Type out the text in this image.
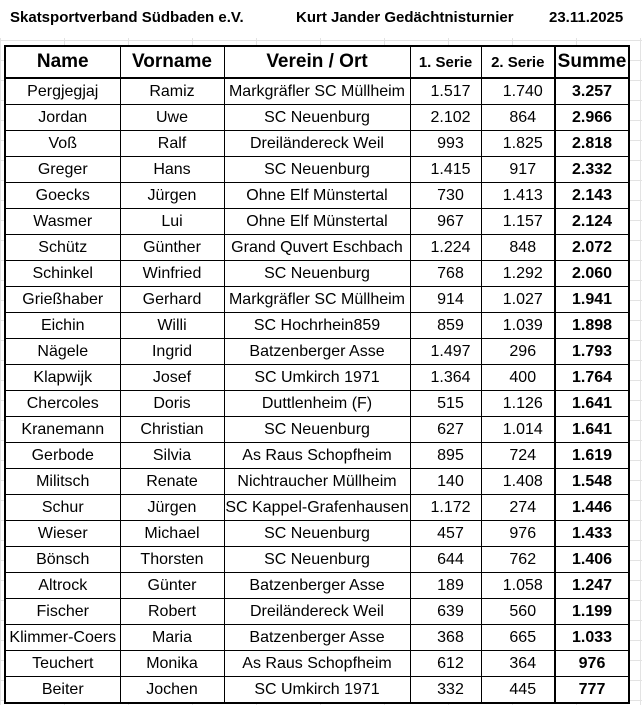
Skatsportverband Südbaden e.V.	Kurt Jander Gedächtnisturnier 23.11.2025
Name	Vorname	Verein / Ort	1. Serie	2. Serie	Summe
Pergjegjaj	Ramiz	Markgräfler SC Müllheim	1.517	1.740	3.257
Jordan	Uwe	SC Neuenburg	2.102	864	2.966
Voß	Ralf	Dreiländereck Weil	993	1.825	2.818
Greger	Hans	SC Neuenburg	1.415	917	2.332
Goecks	Jürgen	Ohne Elf Münstertal	730	1.413	2.143
Wasmer	Lui	Ohne Elf Münstertal	967	1.157	2.124
Schütz	Günther	Grand Quvert Eschbach	1.224	848	2.072
Schinkel	Winfried	SC Neuenburg	768	1.292	2.060
Grießhaber	Gerhard	Markgräfler SC Müllheim	914	1.027	1.941
Eichin	Willi	SC Hochrhein859	859	1.039	1.898
Nägele	Ingrid	Batzenberger Asse	1.497	296	1.793
Klapwijk	Josef	SC Umkirch 1971	1.364	400	1.764
Chercoles	Doris	Duttlenheim (F)	515	1.126	1.641
Kranemann	Christian	SC Neuenburg	627	1.014	1.641
Gerbode	Silvia	As Raus Schopfheim	895	724	1.619
Militsch	Renate	Nichtraucher Müllheim	140	1.408	1.548
Schur	Jürgen	SC Kappel-Grafenhausen	1.172	274	1.446
Wieser	Michael	SC Neuenburg	457	976	1.433
Bönsch	Thorsten	SC Neuenburg	644	762	1.406
Altrock	Günter	Batzenberger Asse	189	1.058	1.247
Fischer	Robert	Dreiländereck Weil	639	560	1.199
Klimmer-Coers	Maria	Batzenberger Asse	368	665	1.033
Teuchert	Monika	As Raus Schopfheim	612	364	976
Beiter	Jochen	SC Umkirch 1971	332	445	777
